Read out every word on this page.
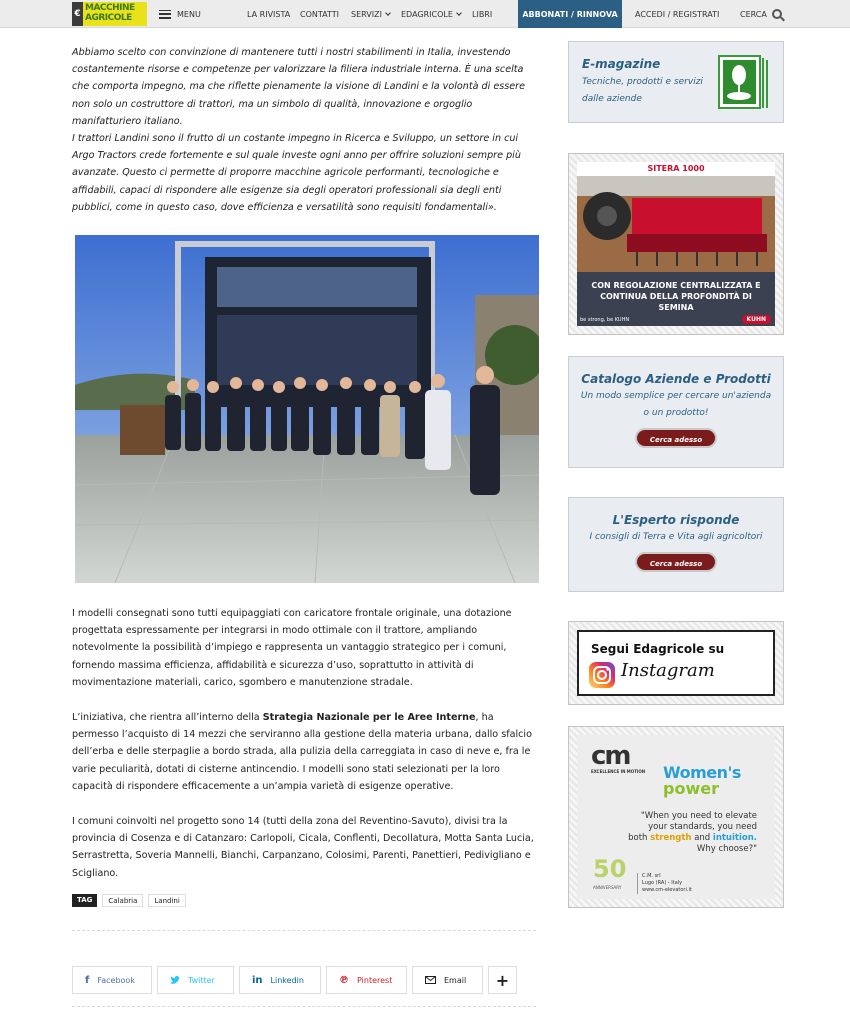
€
MACCHINE
AGRICOLE	MENU	LA RIVISTA CONTATTI SERVIZI	EDAGRICOLE	LIBRI	ABBONATI / RINNOVA	ACCEDI / REGISTRATI	CERCA

Abbiamo scelto con convinzione di mantenere tutti i nostri stabilimenti in Italia, investendo costantemente risorse e competenze per valorizzare la filiera industriale interna. È una scelta che comporta impegno, ma che riflette pienamente la visione di Landini e la volontà di essere non solo un costruttore di trattori, ma un simbolo di qualità, innovazione e orgoglio manifatturiero italiano.

I trattori Landini sono il frutto di un costante impegno in Ricerca e Sviluppo, un settore in cui Argo Tractors crede fortemente e sul quale investe ogni anno per offrire soluzioni sempre più avanzate. Questo ci permette di proporre macchine agricole performanti, tecnologiche e affidabili, capaci di rispondere alle esigenze sia degli operatori professionali sia degli enti pubblici, come in questo caso, dove efficienza e versatilità sono requisiti fondamentali».

I modelli consegnati sono tutti equipaggiati con caricatore frontale originale, una dotazione progettata espressamente per integrarsi in modo ottimale con il trattore, ampliando notevolmente la possibilità d’impiego e rappresenta un vantaggio strategico per i comuni, fornendo massima efficienza, affidabilità e sicurezza d’uso, soprattutto in attività di movimentazione materiali, carico, sgombero e manutenzione stradale.

L’iniziativa, che rientra all’interno della Strategia Nazionale per le Aree Interne, ha permesso l’acquisto di 14 mezzi che serviranno alla gestione della materia urbana, dallo sfalcio dell’erba e delle sterpaglie a bordo strada, alla pulizia della carreggiata in caso di neve e, fra le varie peculiarità, dotati di cisterne antincendio. I modelli sono stati selezionati per la loro capacità di rispondere efficacemente a un’ampia varietà di esigenze operative.

I comuni coinvolti nel progetto sono 14 (tutti della zona del Reventino-Savuto), divisi tra la provincia di Cosenza e di Catanzaro: Carlopoli, Cicala, Conflenti, Decollatura, Motta Santa Lucia, Serrastretta, Soveria Mannelli, Bianchi, Carpanzano, Colosimi, Parenti, Panettieri, Pedivigliano e Scigliano.

TAG	Calabria	Landini
f Facebook	Twitter	in Linkedin	℗ Pinterest	Email	+
E-magazine
Tecniche, prodotti e servizi dalle aziende
SITERA 1000
CON REGOLAZIONE CENTRALIZZATA E CONTINUA DELLA PROFONDITÀ DI SEMINA
be strong, be KUHN	KUHN
Catalogo Aziende e Prodotti
Un modo semplice per cercare un'azienda o un prodotto!
Cerca adesso
L'Esperto risponde
I consigli di Terra e Vita agli agricoltori
Cerca adesso
Segui Edagricole su
Instagram
cm
EXCELLENCE IN MOTION Women's
power
"When you need to elevate
your standards, you need
both strength and intuition.
Why choose?"
50
ANNIVERSARY
C.M. srl
Lugo (RA) - Italy
www.cm-elevatori.it
